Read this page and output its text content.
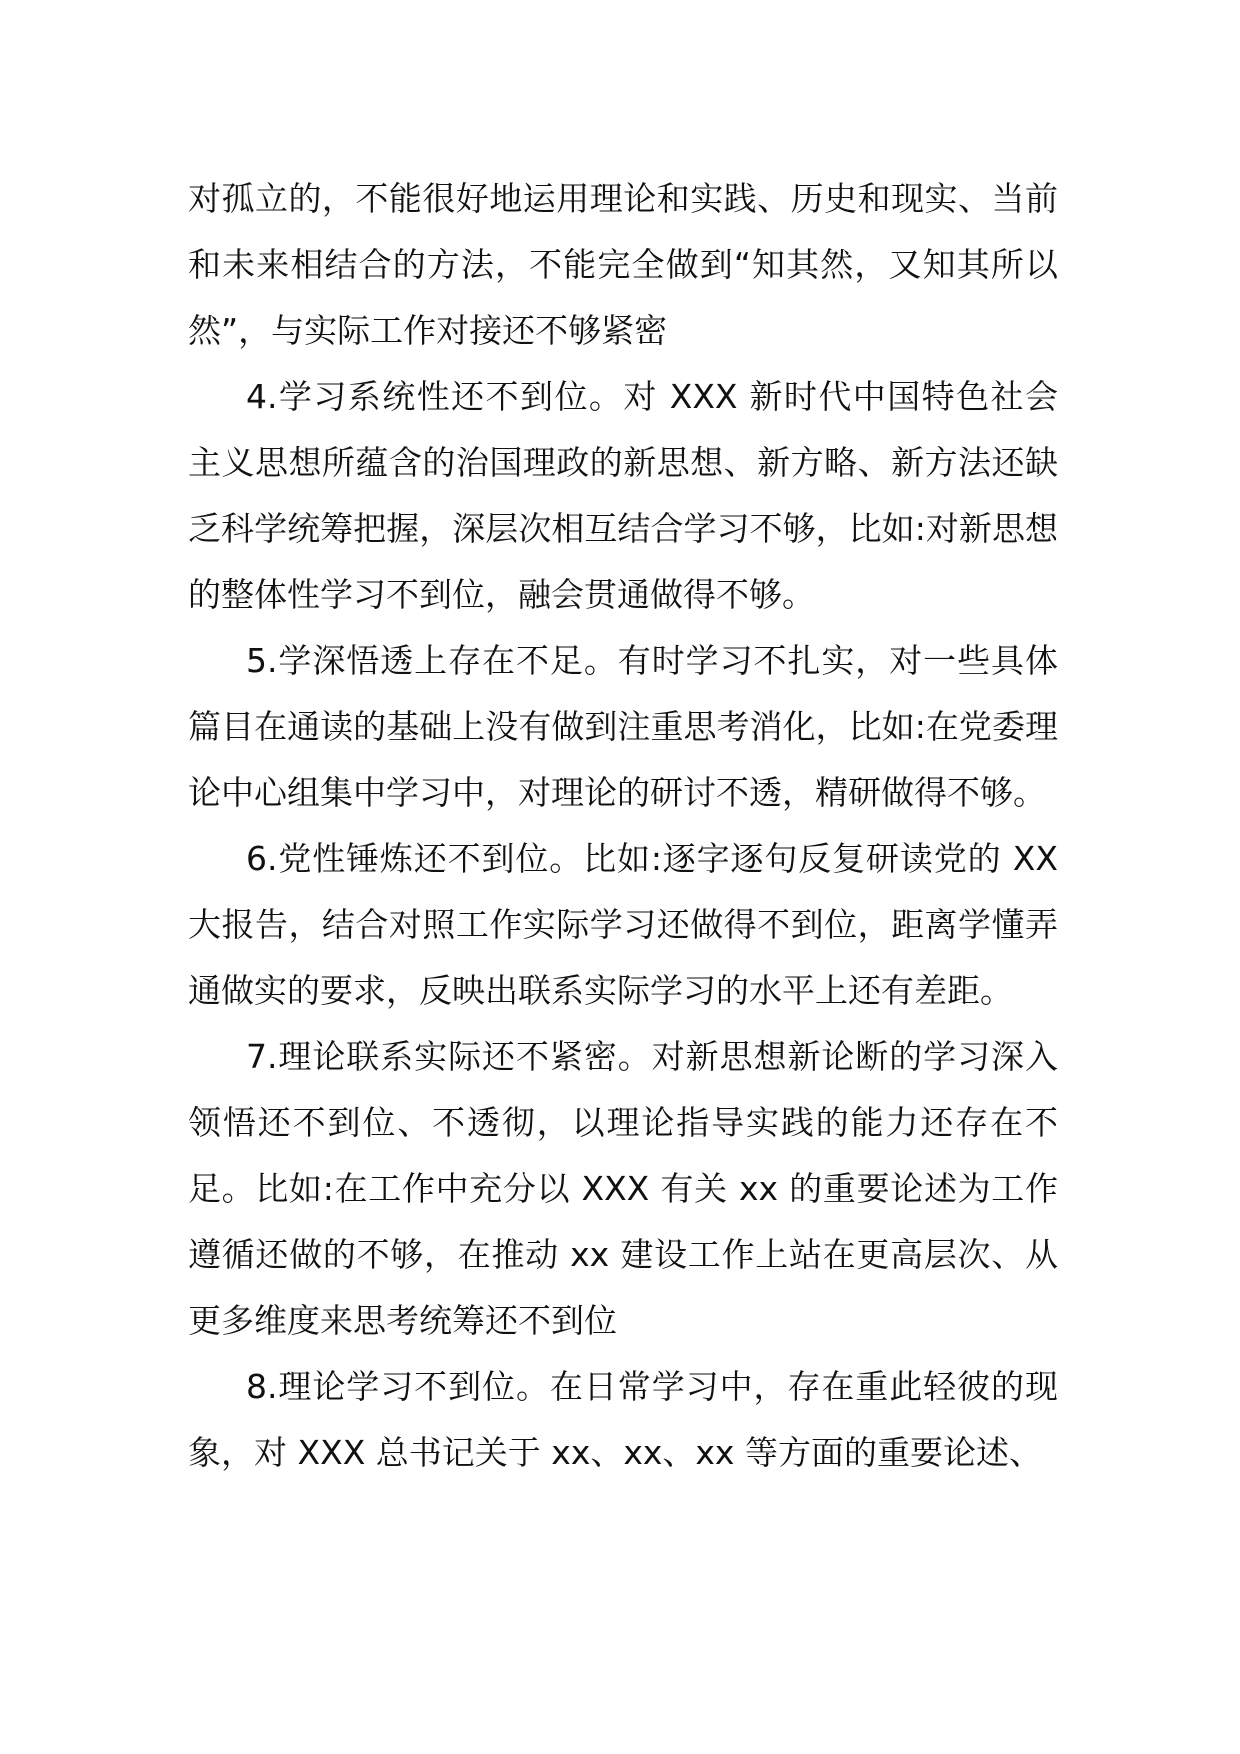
对孤立的，不能很好地运用理论和实践、历史和现实、当前和未来相结合的方法，不能完全做到“知其然，又知其所以然”，与实际工作对接还不够紧密

4.学习系统性还不到位。对 XXX 新时代中国特色社会主义思想所蕴含的治国理政的新思想、新方略、新方法还缺乏科学统筹把握，深层次相互结合学习不够，比如:对新思想的整体性学习不到位，融会贯通做得不够。

5.学深悟透上存在不足。有时学习不扎实，对一些具体篇目在通读的基础上没有做到注重思考消化，比如:在党委理论中心组集中学习中，对理论的研讨不透，精研做得不够。

6.党性锤炼还不到位。比如:逐字逐句反复研读党的 XX 大报告，结合对照工作实际学习还做得不到位，距离学懂弄通做实的要求，反映出联系实际学习的水平上还有差距。

7.理论联系实际还不紧密。对新思想新论断的学习深入领悟还不到位、不透彻，以理论指导实践的能力还存在不足。比如:在工作中充分以 XXX 有关 xx 的重要论述为工作遵循还做的不够，在推动 xx 建设工作上站在更高层次、从更多维度来思考统筹还不到位

8.理论学习不到位。在日常学习中，存在重此轻彼的现象，对 XXX 总书记关于 xx、xx、xx 等方面的重要论述、
